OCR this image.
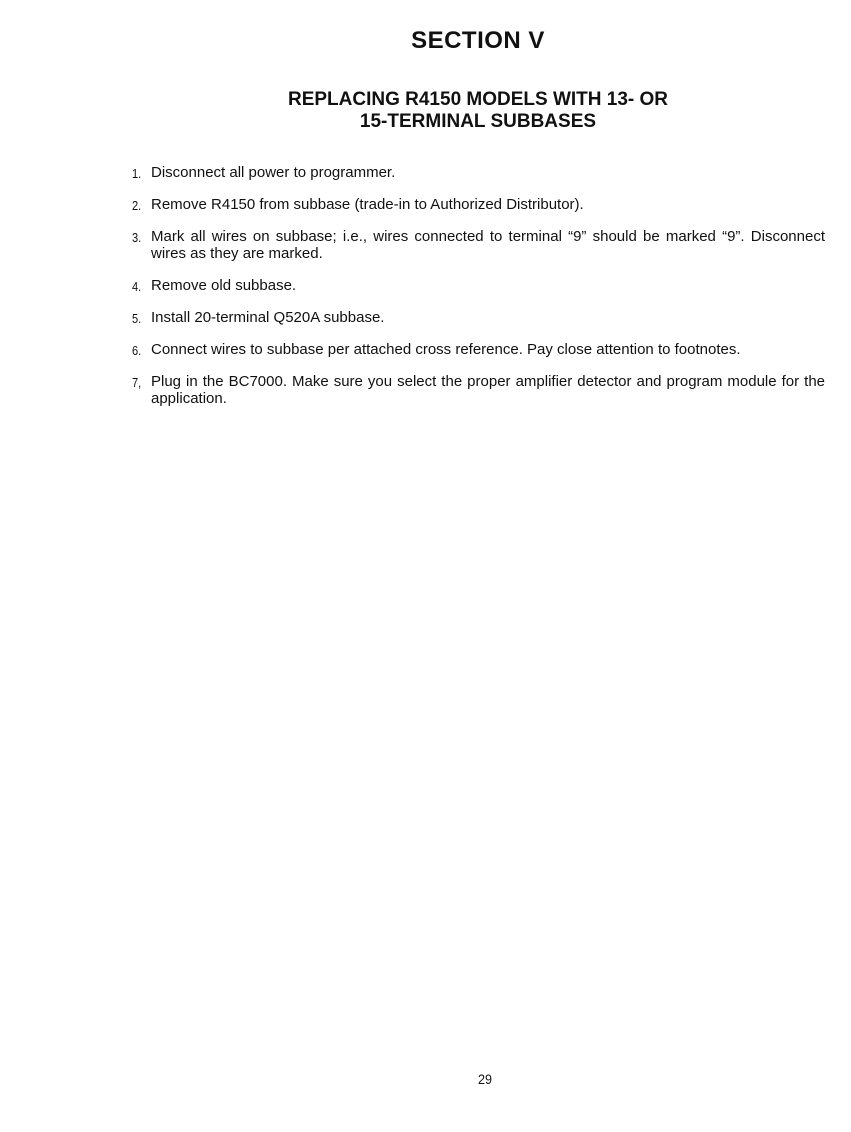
SECTION V
REPLACING R4150 MODELS WITH 13- OR
15-TERMINAL SUBBASES
1. Disconnect all power to programmer.
2. Remove R4150 from subbase (trade-in to Authorized Distributor).
3. Mark all wires on subbase; i.e., wires connected to terminal “9” should be marked “9”. Disconnect wires as they are marked.
4. Remove old subbase.
5. Install 20-terminal Q520A subbase.
6. Connect wires to subbase per attached cross reference. Pay close attention to footnotes.
7, Plug in the BC7000. Make sure you select the proper amplifier detector and program module for the application.
29
